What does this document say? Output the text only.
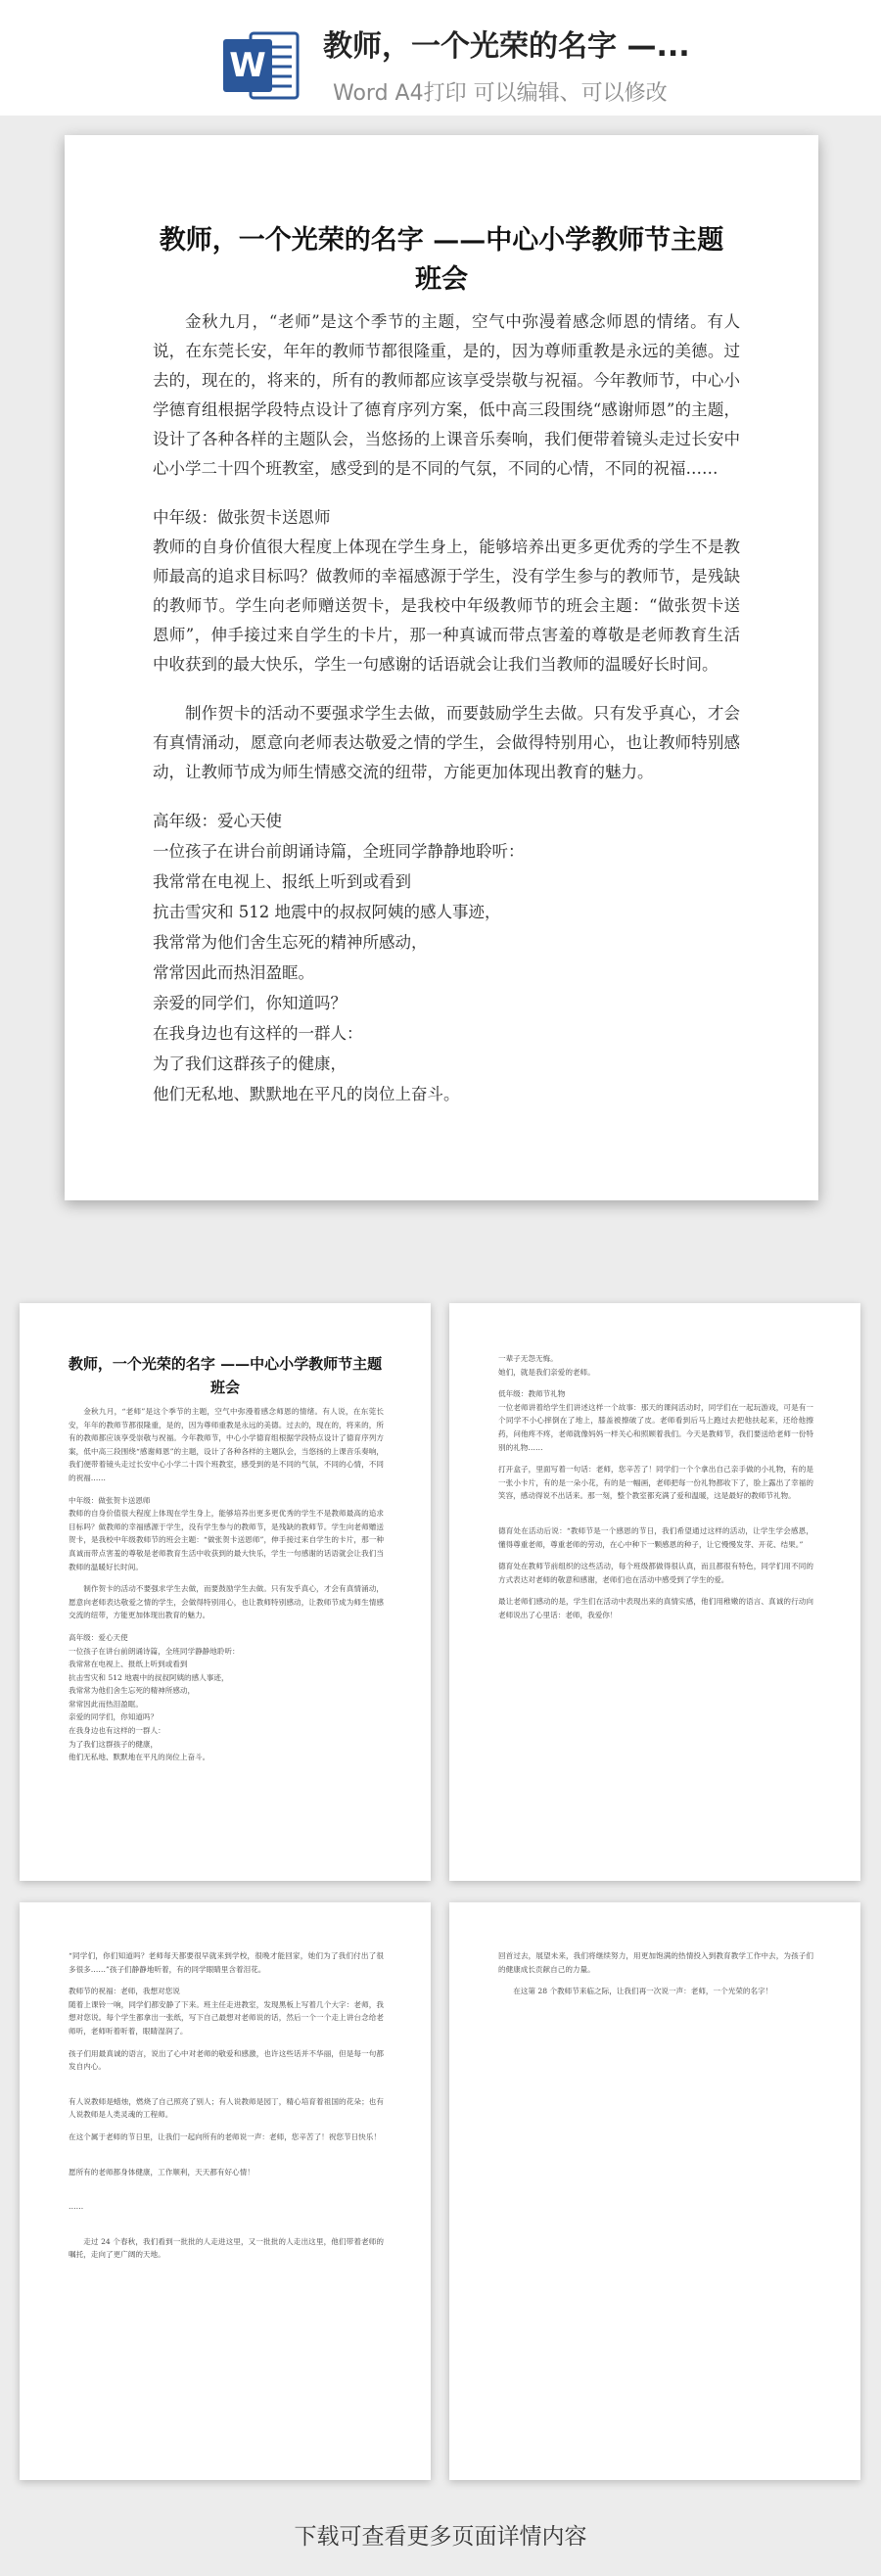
W 教师，一个光荣的名字 —...
Word A4打印 可以编辑、可以修改
教师，一个光荣的名字 ——中心小学教师节主题班会

金秋九月，“老师”是这个季节的主题，空气中弥漫着感念师恩的情绪。有人说，在东莞长安，年年的教师节都很隆重，是的，因为尊师重教是永远的美德。过去的，现在的，将来的，所有的教师都应该享受崇敬与祝福。今年教师节，中心小学德育组根据学段特点设计了德育序列方案，低中高三段围绕“感谢师恩”的主题，设计了各种各样的主题队会，当悠扬的上课音乐奏响，我们便带着镜头走过长安中心小学二十四个班教室，感受到的是不同的气氛，不同的心情，不同的祝福……

中年级：做张贺卡送恩师

教师的自身价值很大程度上体现在学生身上，能够培养出更多更优秀的学生不是教师最高的追求目标吗？做教师的幸福感源于学生，没有学生参与的教师节，是残缺的教师节。学生向老师赠送贺卡，是我校中年级教师节的班会主题：“做张贺卡送恩师”，伸手接过来自学生的卡片，那一种真诚而带点害羞的尊敬是老师教育生活中收获到的最大快乐，学生一句感谢的话语就会让我们当教师的温暖好长时间。

制作贺卡的活动不要强求学生去做，而要鼓励学生去做。只有发乎真心，才会有真情涌动，愿意向老师表达敬爱之情的学生，会做得特别用心，也让教师特别感动，让教师节成为师生情感交流的纽带，方能更加体现出教育的魅力。

高年级：爱心天使

一位孩子在讲台前朗诵诗篇，全班同学静静地聆听：

我常常在电视上、报纸上听到或看到

抗击雪灾和 512 地震中的叔叔阿姨的感人事迹，

我常常为他们舍生忘死的精神所感动，

常常因此而热泪盈眶。

亲爱的同学们，你知道吗？

在我身边也有这样的一群人：

为了我们这群孩子的健康，

他们无私地、默默地在平凡的岗位上奋斗。

教师，一个光荣的名字 ——中心小学教师节主题班会

金秋九月，“老师”是这个季节的主题，空气中弥漫着感念师恩的情绪。有人说，在东莞长安，年年的教师节都很隆重，是的，因为尊师重教是永远的美德。过去的，现在的，将来的，所有的教师都应该享受崇敬与祝福。今年教师节，中心小学德育组根据学段特点设计了德育序列方案，低中高三段围绕“感谢师恩”的主题，设计了各种各样的主题队会，当悠扬的上课音乐奏响，我们便带着镜头走过长安中心小学二十四个班教室，感受到的是不同的气氛，不同的心情，不同的祝福……

中年级：做张贺卡送恩师

教师的自身价值很大程度上体现在学生身上，能够培养出更多更优秀的学生不是教师最高的追求目标吗？做教师的幸福感源于学生，没有学生参与的教师节，是残缺的教师节。学生向老师赠送贺卡，是我校中年级教师节的班会主题：“做张贺卡送恩师”，伸手接过来自学生的卡片，那一种真诚而带点害羞的尊敬是老师教育生活中收获到的最大快乐，学生一句感谢的话语就会让我们当教师的温暖好长时间。

制作贺卡的活动不要强求学生去做，而要鼓励学生去做。只有发乎真心，才会有真情涌动，愿意向老师表达敬爱之情的学生，会做得特别用心，也让教师特别感动，让教师节成为师生情感交流的纽带，方能更加体现出教育的魅力。

高年级：爱心天使

一位孩子在讲台前朗诵诗篇，全班同学静静地聆听：

我常常在电视上、报纸上听到或看到

抗击雪灾和 512 地震中的叔叔阿姨的感人事迹，

我常常为他们舍生忘死的精神所感动，

常常因此而热泪盈眶。

亲爱的同学们，你知道吗？

在我身边也有这样的一群人：

为了我们这群孩子的健康，

他们无私地、默默地在平凡的岗位上奋斗。

一辈子无怨无悔。

她们，就是我们亲爱的老师。

低年级：教师节礼物

一位老师讲着给学生们讲述这样一个故事：那天的课间活动时，同学们在一起玩游戏，可是有一个同学不小心摔倒在了地上，膝盖被擦破了皮。老师看到后马上跑过去把他扶起来，还给他擦药，问他疼不疼，老师就像妈妈一样关心和照顾着我们。今天是教师节，我们要送给老师一份特别的礼物……

打开盒子，里面写着一句话：老师，您辛苦了！同学们一个个拿出自己亲手做的小礼物，有的是一张小卡片，有的是一朵小花，有的是一幅画，老师把每一份礼物都收下了，脸上露出了幸福的笑容，感动得说不出话来。那一刻，整个教室都充满了爱和温暖，这是最好的教师节礼物。

德育处在活动后说：“教师节是一个感恩的节日，我们希望通过这样的活动，让学生学会感恩，懂得尊重老师，尊重老师的劳动，在心中种下一颗感恩的种子，让它慢慢发芽、开花、结果。”

德育处在教师节前组织的这些活动，每个班级都做得很认真，而且都很有特色，同学们用不同的方式表达对老师的敬意和感谢，老师们也在活动中感受到了学生的爱。

最让老师们感动的是，学生们在活动中表现出来的真情实感，他们用稚嫩的语言、真诚的行动向老师说出了心里话：老师，我爱你！

“同学们，你们知道吗？老师每天都要很早就来到学校，很晚才能回家，她们为了我们付出了很多很多……”孩子们静静地听着，有的同学眼睛里含着泪花。

教师节的祝福：老师，我想对您说

随着上课铃一响，同学们都安静了下来。班主任走进教室，发现黑板上写着几个大字：老师，我想对您说。每个学生都拿出一张纸，写下自己最想对老师说的话，然后一个一个走上讲台念给老师听，老师听着听着，眼睛湿润了。

孩子们用最真诚的语言，说出了心中对老师的敬爱和感激，也许这些话并不华丽，但是每一句都发自内心。

有人说教师是蜡烛，燃烧了自己照亮了别人；有人说教师是园丁，精心培育着祖国的花朵；也有人说教师是人类灵魂的工程师。

在这个属于老师的节日里，让我们一起向所有的老师说一声：老师，您辛苦了！祝您节日快乐！

愿所有的老师都身体健康，工作顺利，天天都有好心情！

……

走过 24 个春秋，我们看到一批批的人走进这里，又一批批的人走出这里，他们带着老师的嘱托，走向了更广阔的天地。

回首过去，展望未来，我们将继续努力，用更加饱满的热情投入到教育教学工作中去，为孩子们的健康成长贡献自己的力量。

在这第 28 个教师节来临之际，让我们再一次说一声：老师，一个光荣的名字！

下载可查看更多页面详情内容
